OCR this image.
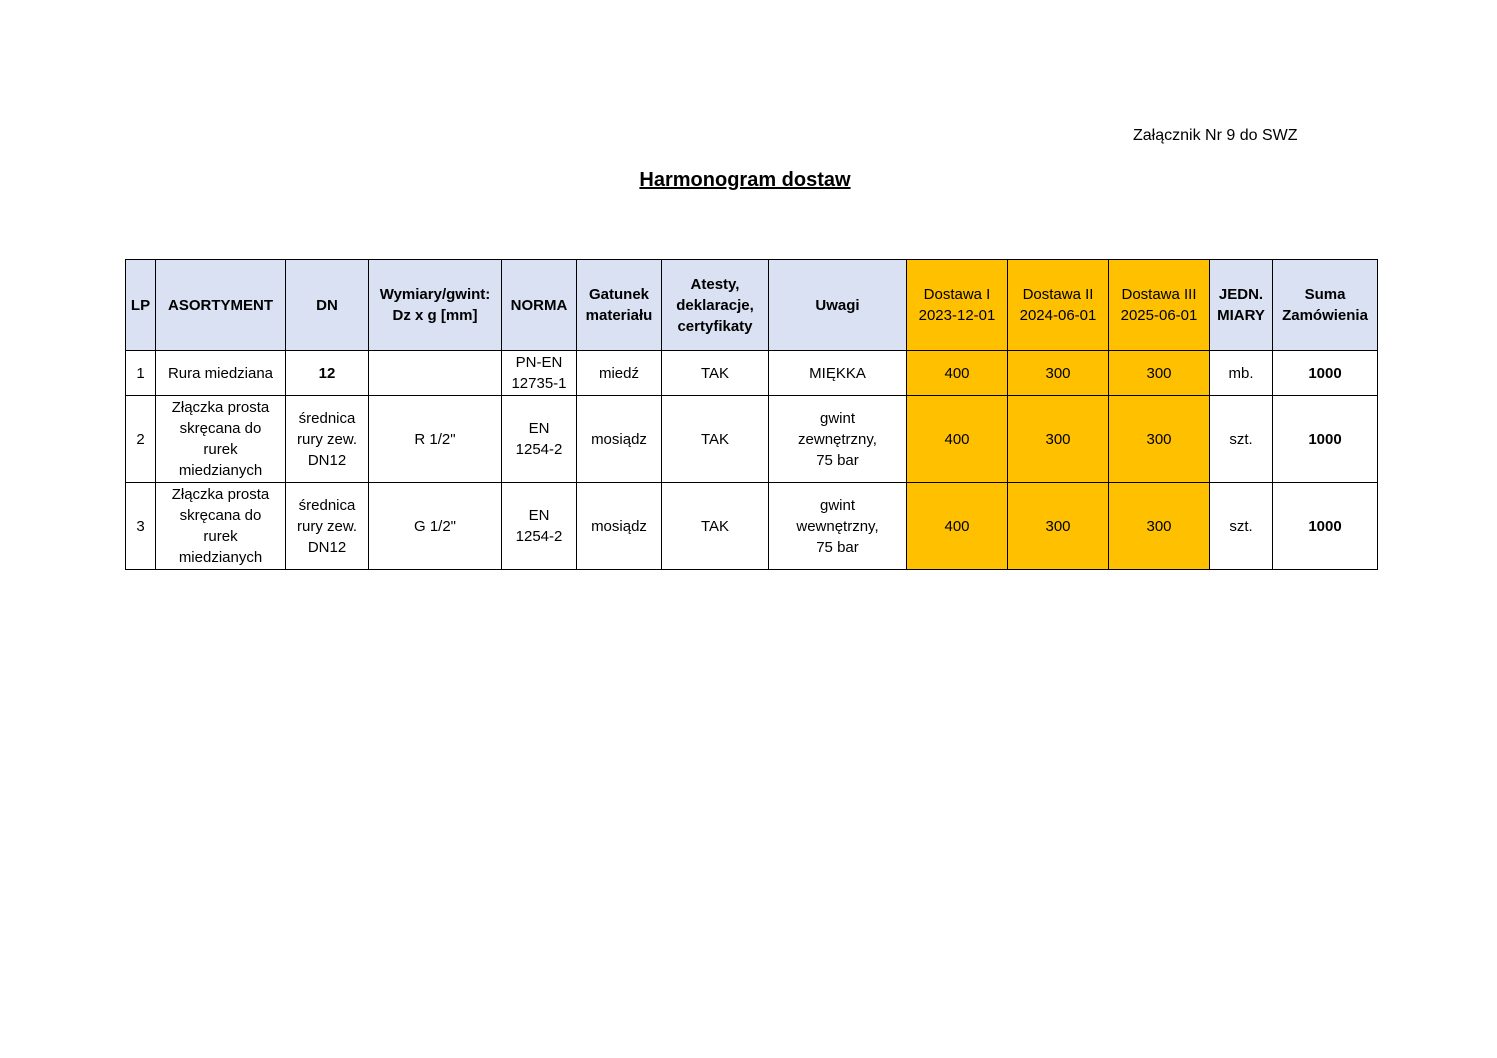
Załącznik Nr 9 do SWZ
Harmonogram dostaw
LP	ASORTYMENT	DN	Wymiary/gwint:
Dz x g [mm]	NORMA	Gatunek
materiału	Atesty,
deklaracje,
certyfikaty	Uwagi	Dostawa I
2023-12-01	Dostawa II
2024-06-01	Dostawa III
2025-06-01	JEDN.
MIARY	Suma
Zamówienia

1	Rura miedziana	12		PN-EN
12735-1	miedź	TAK	MIĘKKA	400	300	300	mb.	1000

2	Złączka prosta
skręcana do
rurek
miedzianych	średnica
rury zew.
DN12	R 1/2"	EN
1254-2	mosiądz	TAK	gwint
zewnętrzny,
75 bar	400	300	300	szt.	1000

3	Złączka prosta
skręcana do
rurek
miedzianych	średnica
rury zew.
DN12	G 1/2"	EN
1254-2	mosiądz	TAK	gwint
wewnętrzny,
75 bar	400	300	300	szt.	1000
